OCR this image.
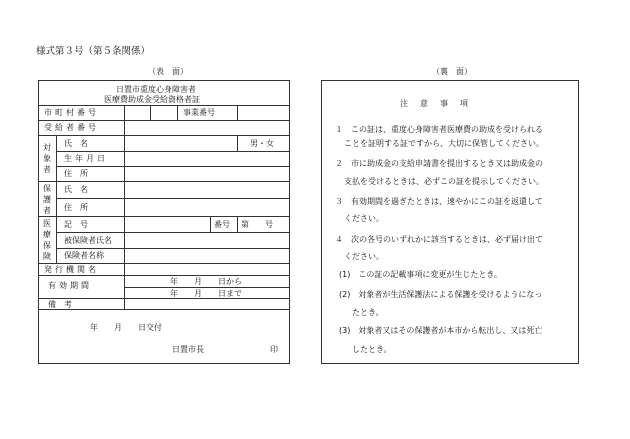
様式第３号（第５条関係）
（表　面）	（裏　面）
日置市重度心身障害者
医療費助成金受給資格者証
市町村番号	事業番号
受給者番号
対象者
氏　名	男・女
生年月日
住　所
保護者
氏　名
住　所
医療保険
記　号	番号 第　　号
被保険者氏名
保険者名称
発行機関名
有効期間	年　　月　　日から
年　　月　　日まで
備　考
年　　月　　日交付
日置市長	印
注　意　事　項
１　この証は、重度心身障害者医療費の助成を受けられる
ことを証明する証ですから、大切に保管してください。
２　市に助成金の支給申請書を提出するとき又は助成金の
支払を受けるときは、必ずこの証を提示してください。
３　有効期間を過ぎたときは、速やかにこの証を返還して
ください。
４　次の各号のいずれかに該当するときは、必ず届け出て
ください。
(1)　この証の記載事項に変更が生じたとき。
(2)　対象者が生活保護法による保護を受けるようになっ
たとき。
(3)　対象者又はその保護者が本市から転出し、又は死亡
したとき。
